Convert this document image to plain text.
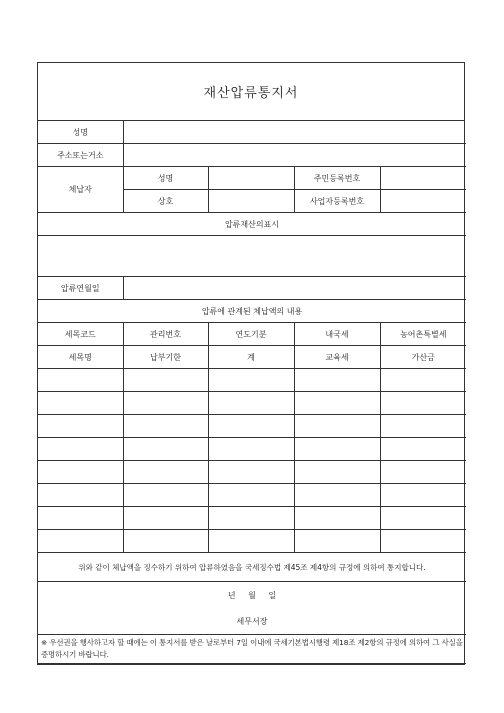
재산압류통지서
성명				
주소또는거소				
체납자	성명		주민등록번호	
	상호		사업자등록번호	
압류재산의표시				

압류연월일				
압류에 관계된 체납액의 내용				
세목코드	관리번호	연도기분	내국세	농어촌특별세
세목명	납부기한	계	교육세	가산금

위와 같이 체납액을 징수하기 위하여 압류하였음을 국세징수법 제45조 제4항의 규정에 의하여 통지합니다.				
년 월 일				
세무서장				
※ 우선권을 행사하고자 할 때에는 이 통지서를 받은 날로부터 7일 이내에 국세기본법시행령 제18조 제2항의 규정에 의하여 그 사실을 증명하시기 바랍니다.				
